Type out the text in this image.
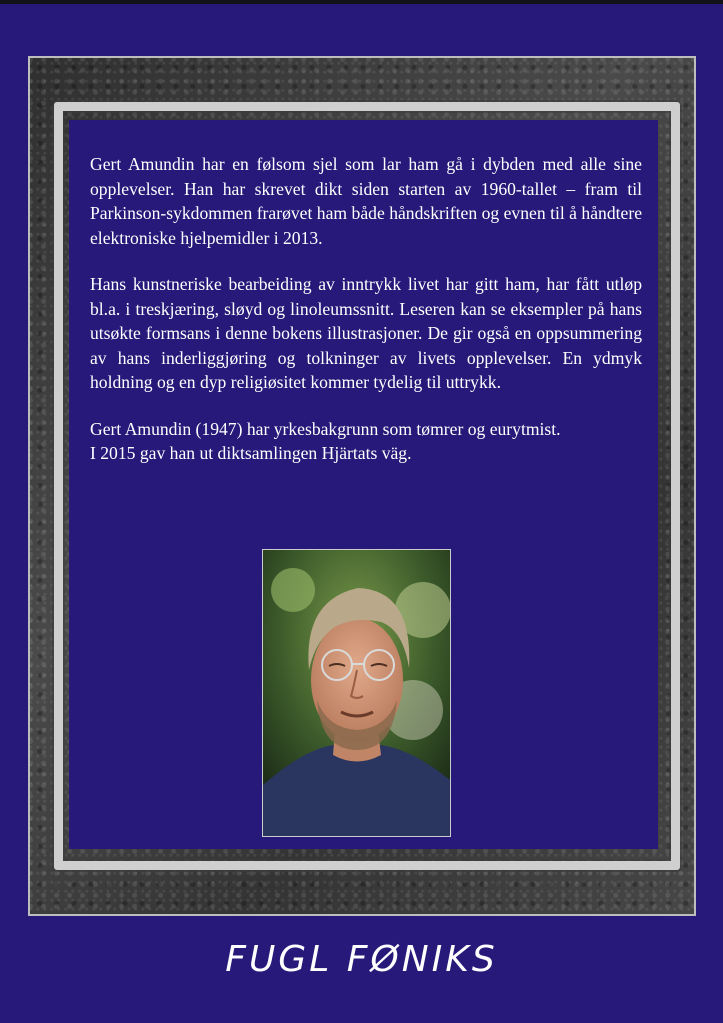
Gert Amundin har en følsom sjel som lar ham gå i dybden med alle sine opplevelser. Han har skrevet dikt siden starten av 1960-tallet – fram til Parkinson-sykdommen frarøvet ham både håndskriften og evnen til å håndtere elektroniske hjelpemidler i 2013.

Hans kunstneriske bearbeiding av inntrykk livet har gitt ham, har fått utløp bl.a. i treskjæring, sløyd og linoleumssnitt. Leseren kan se eksempler på hans utsøkte formsans i denne bokens illustrasjoner. De gir også en oppsummering av hans inderliggjøring og tolkninger av livets opplevelser. En ydmyk holdning og en dyp religiøsitet kommer tydelig til uttrykk.

Gert Amundin (1947) har yrkesbakgrunn som tømrer og eurytmist.
I 2015 gav han ut diktsamlingen Hjärtats väg.

FUGL FØNIKS
